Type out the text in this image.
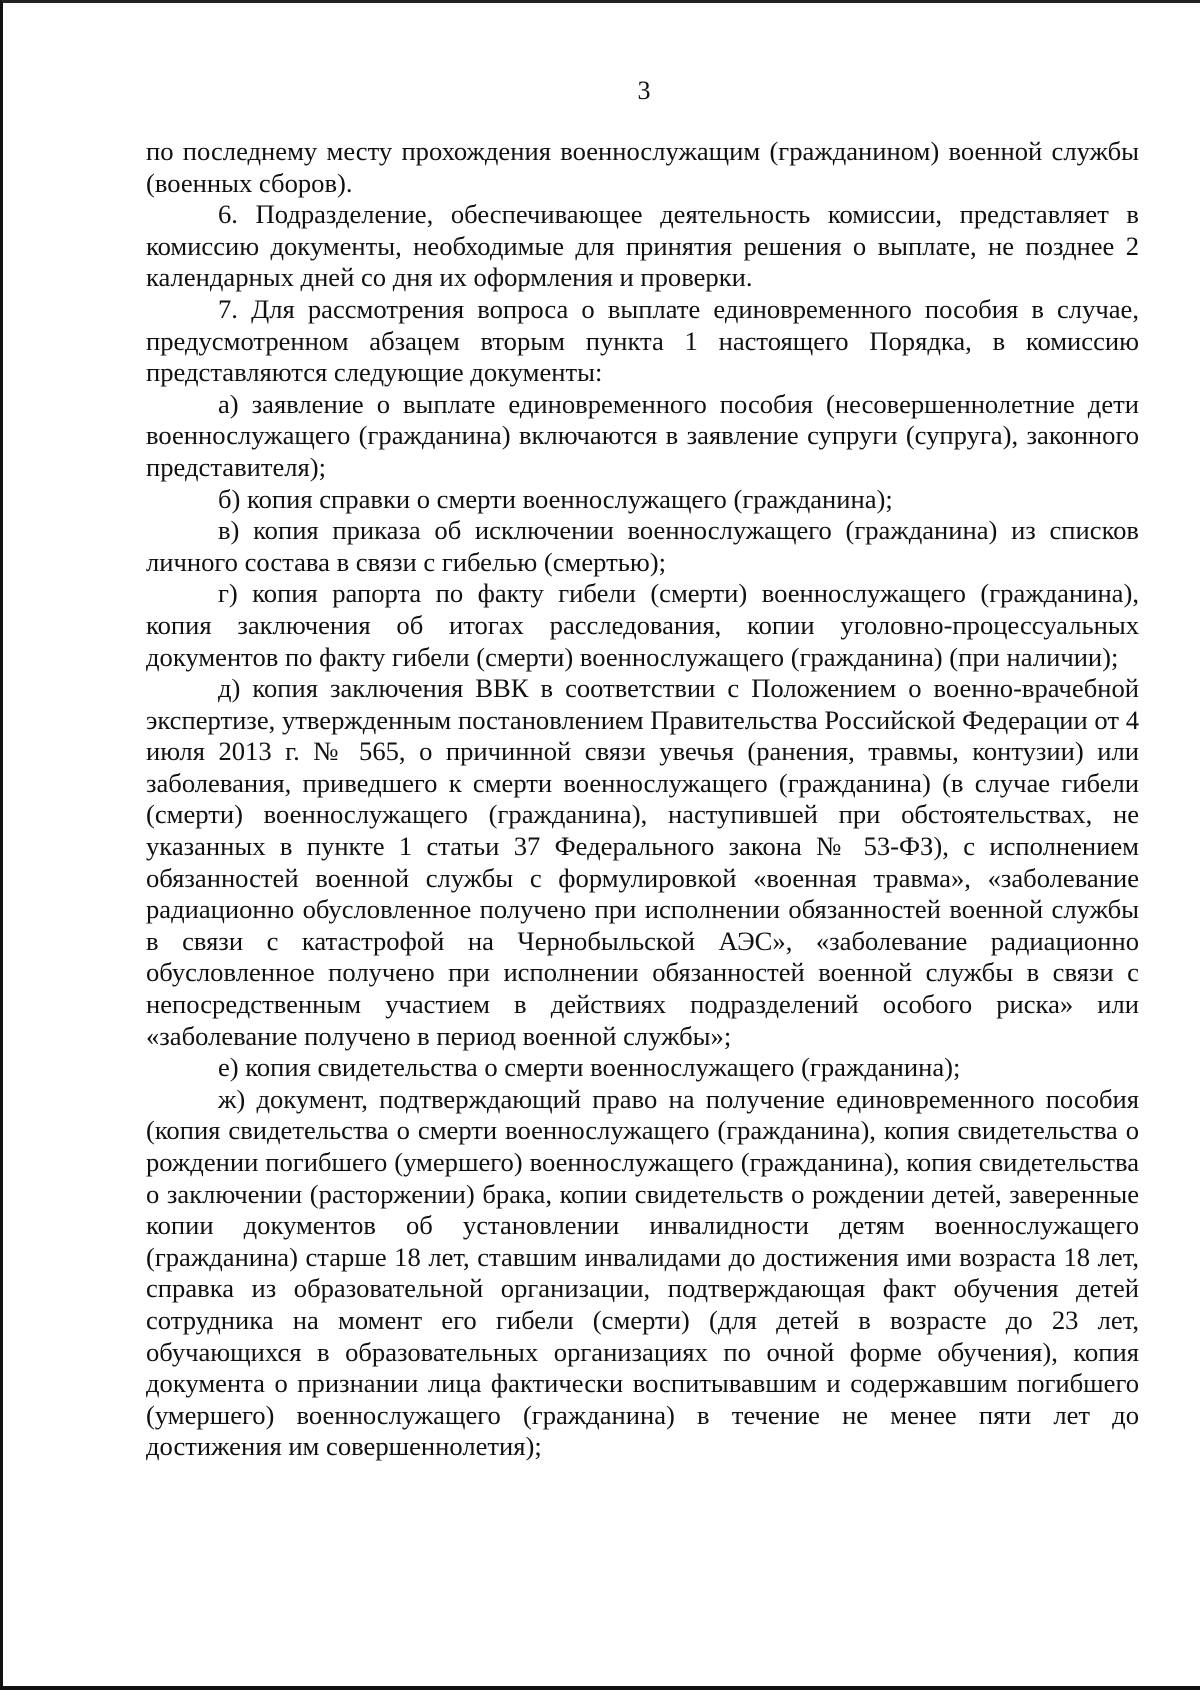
3

по последнему месту прохождения военнослужащим (гражданином) военной службы (военных сборов).

6. Подразделение, обеспечивающее деятельность комиссии, представляет в комиссию документы, необходимые для принятия решения о выплате, не позднее 2 календарных дней со дня их оформления и проверки.

7. Для рассмотрения вопроса о выплате единовременного пособия в случае, предусмотренном абзацем вторым пункта 1 настоящего Порядка, в комиссию представляются следующие документы:

а) заявление о выплате единовременного пособия (несовершеннолетние дети военнослужащего (гражданина) включаются в заявление супруги (супруга), законного представителя);

б) копия справки о смерти военнослужащего (гражданина);

в) копия приказа об исключении военнослужащего (гражданина) из списков личного состава в связи с гибелью (смертью);

г) копия рапорта по факту гибели (смерти) военнослужащего (гражданина), копия заключения об итогах расследования, копии уголовно-процессуальных документов по факту гибели (смерти) военнослужащего (гражданина) (при наличии);

д) копия заключения ВВК в соответствии с Положением о военно-врачебной экспертизе, утвержденным постановлением Правительства Российской Федерации от 4 июля 2013 г. № 565, о причинной связи увечья (ранения, травмы, контузии) или заболевания, приведшего к смерти военнослужащего (гражданина) (в случае гибели (смерти) военнослужащего (гражданина), наступившей при обстоятельствах, не указанных в пункте 1 статьи 37 Федерального закона № 53-ФЗ), с исполнением обязанностей военной службы с формулировкой «военная травма», «заболевание радиационно обусловленное получено при исполнении обязанностей военной службы в связи с катастрофой на Чернобыльской АЭС», «заболевание радиационно обусловленное получено при исполнении обязанностей военной службы в связи с непосредственным участием в действиях подразделений особого риска» или «заболевание получено в период военной службы»;

е) копия свидетельства о смерти военнослужащего (гражданина);

ж) документ, подтверждающий право на получение единовременного пособия (копия свидетельства о смерти военнослужащего (гражданина), копия свидетельства о рождении погибшего (умершего) военнослужащего (гражданина), копия свидетельства о заключении (расторжении) брака, копии свидетельств о рождении детей, заверенные копии документов об установлении инвалидности детям военнослужащего (гражданина) старше 18 лет, ставшим инвалидами до достижения ими возраста 18 лет, справка из образовательной организации, подтверждающая факт обучения детей сотрудника на момент его гибели (смерти) (для детей в возрасте до 23 лет, обучающихся в образовательных организациях по очной форме обучения), копия документа о признании лица фактически воспитывавшим и содержавшим погибшего (умершего) военнослужащего (гражданина) в течение не менее пяти лет до достижения им совершеннолетия);
